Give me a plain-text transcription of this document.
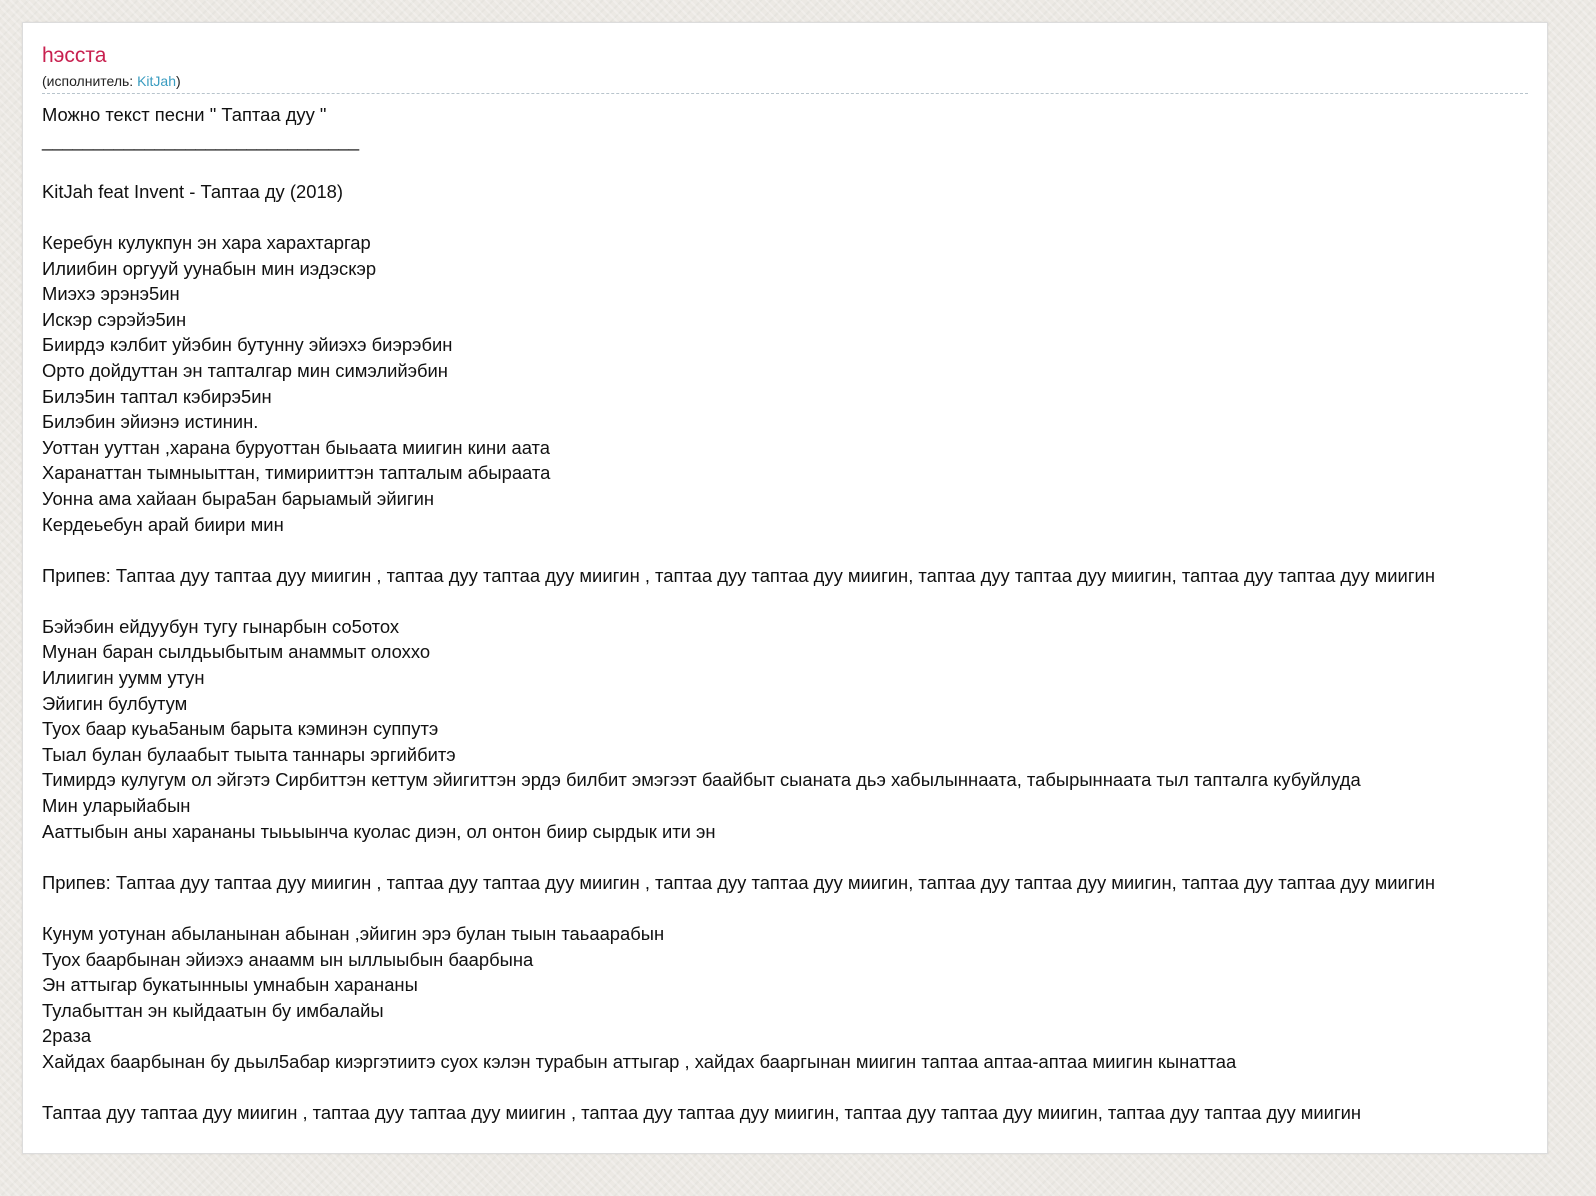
hэсста
(исполнитель: KitJah)
Можно текст песни " Таптаа дуу "
_______________________________
KitJah feat Invent - Таптаа ду (2018)
Керебун кулукпун эн хара харахтаргар
Илиибин оргууй уунабын мин иэдэскэр
Миэхэ эрэнэ5ин
Искэр сэрэйэ5ин
Биирдэ кэлбит уйэбин бутунну эйиэхэ биэрэбин
Орто дойдуттан эн тапталгар мин симэлийэбин
Билэ5ин таптал кэбирэ5ин
Билэбин эйиэнэ истинин.
Уоттан ууттан ,харана буруоттан быьаата миигин кини аата
Харанаттан тымныыттан, тимирииттэн тапталым абыраата
Уонна ама хайаан быра5ан барыамый эйигин
Кердеьебун арай биири мин
Припев: Таптаа дуу таптаа дуу миигин , таптаа дуу таптаа дуу миигин , таптаа дуу таптаа дуу миигин, таптаа дуу таптаа дуу миигин, таптаа дуу таптаа дуу миигин
Бэйэбин ейдуубун тугу гынарбын со5отох
Мунан баран сылдьыбытым анаммыт олоххо
Илиигин уумм утун
Эйигин булбутум
Туох баар куьа5аным барыта кэминэн суппутэ
Тыал булан булаабыт тыыта таннары эргийбитэ
Тимирдэ кулугум ол эйгэтэ Сирбиттэн кеттум эйигиттэн эрдэ билбит эмэгээт баайбыт сыаната дьэ хабылыннаата, табырыннаата тыл тапталга кубуйлуда
Мин уларыйабын
Ааттыбын аны харананы тыьыынча куолас диэн, ол онтон биир сырдык ити эн
Припев: Таптаа дуу таптаа дуу миигин , таптаа дуу таптаа дуу миигин , таптаа дуу таптаа дуу миигин, таптаа дуу таптаа дуу миигин, таптаа дуу таптаа дуу миигин
Кунум уотунан абыланынан абынан ,эйигин эрэ булан тыын таьаарабын
Туох баарбынан эйиэхэ анаамм ын ыллыыбын баарбына
Эн аттыгар букатынныы умнабын харананы
Тулабыттан эн кыйдаатын бу имбалайы
2раза
Хайдах баарбынан бу дьыл5абар киэргэтиитэ суох кэлэн турабын аттыгар , хайдах бааргынан миигин таптаа аптаа-аптаа миигин кынаттаа
Таптаа дуу таптаа дуу миигин , таптаа дуу таптаа дуу миигин , таптаа дуу таптаа дуу миигин, таптаа дуу таптаа дуу миигин, таптаа дуу таптаа дуу миигин
